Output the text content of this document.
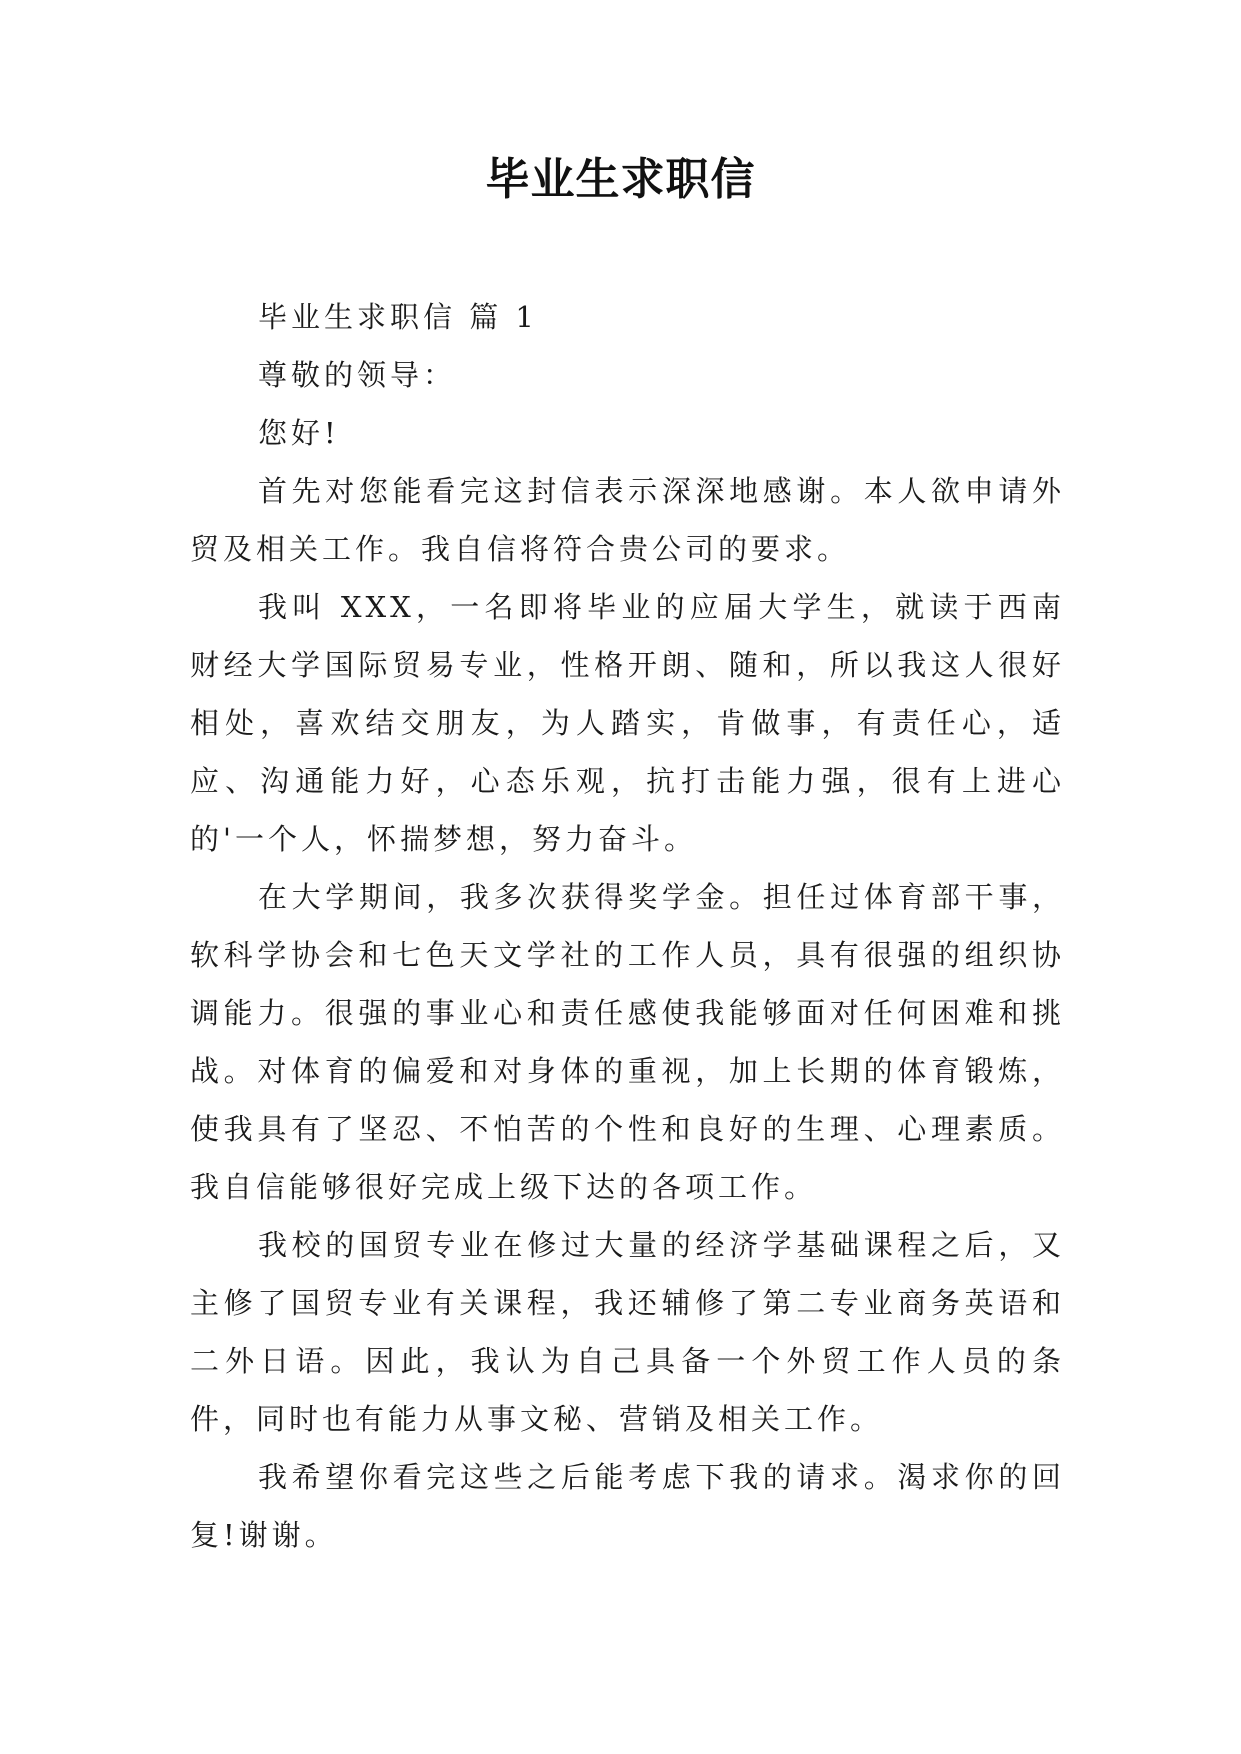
毕业生求职信

毕业生求职信 篇 1

尊敬的领导：

您好!

首先对您能看完这封信表示深深地感谢。本人欲申请外贸及相关工作。我自信将符合贵公司的要求。

我叫 XXX，一名即将毕业的应届大学生，就读于西南财经大学国际贸易专业，性格开朗、随和，所以我这人很好相处，喜欢结交朋友，为人踏实，肯做事，有责任心，适应、沟通能力好，心态乐观，抗打击能力强，很有上进心的'一个人，怀揣梦想，努力奋斗。

在大学期间，我多次获得奖学金。担任过体育部干事，软科学协会和七色天文学社的工作人员，具有很强的组织协调能力。很强的事业心和责任感使我能够面对任何困难和挑战。对体育的偏爱和对身体的重视，加上长期的体育锻炼，使我具有了坚忍、不怕苦的个性和良好的生理、心理素质。我自信能够很好完成上级下达的各项工作。

我校的国贸专业在修过大量的经济学基础课程之后，又主修了国贸专业有关课程，我还辅修了第二专业商务英语和二外日语。因此，我认为自己具备一个外贸工作人员的条件，同时也有能力从事文秘、营销及相关工作。

我希望你看完这些之后能考虑下我的请求。渴求你的回复!谢谢。
